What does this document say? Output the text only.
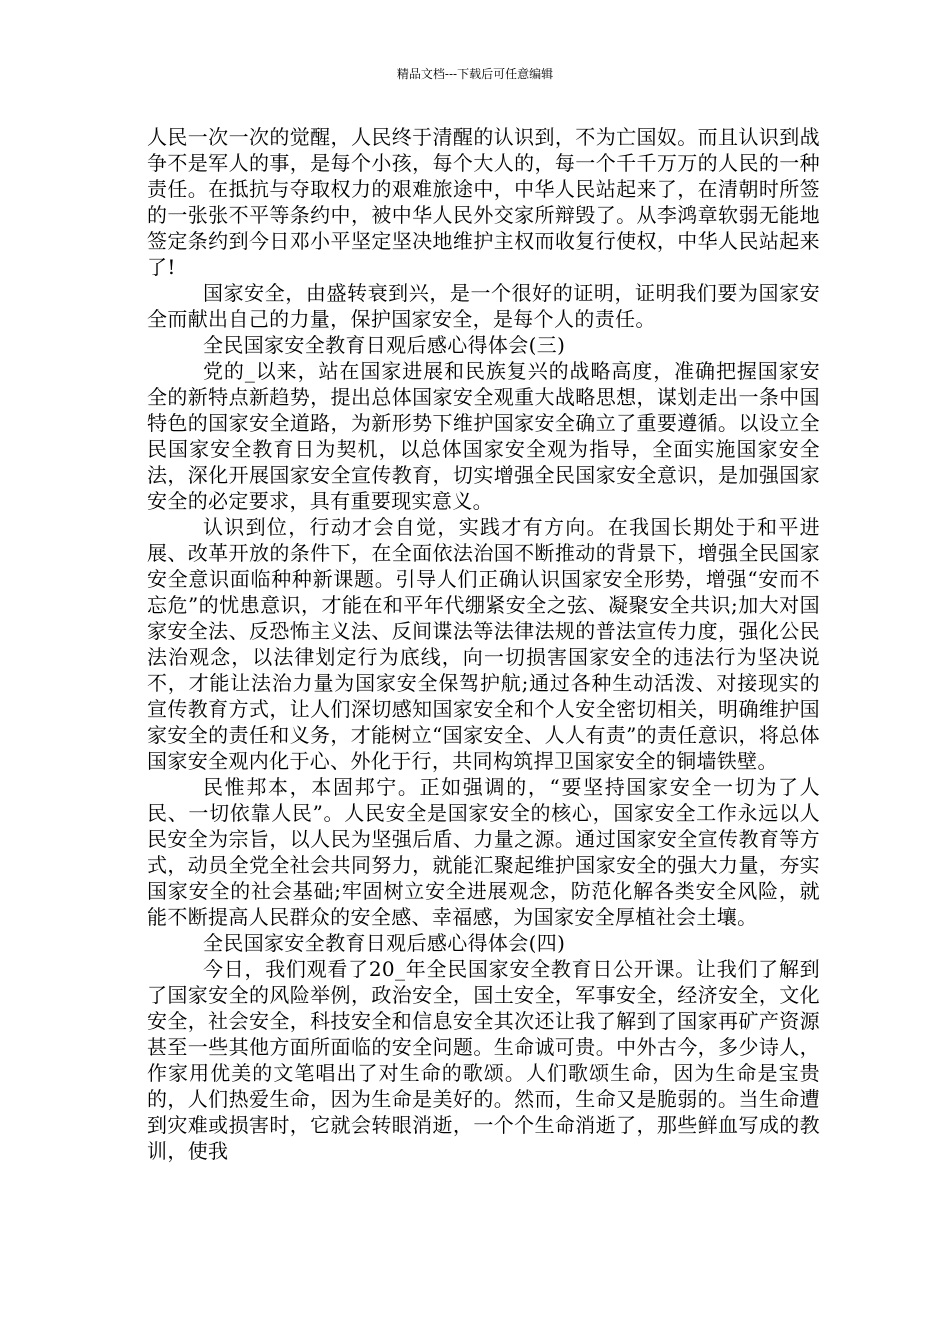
精品文档---下载后可任意编辑

人民一次一次的觉醒，人民终于清醒的认识到，不为亡国奴。而且认识到战争不是军人的事，是每个小孩，每个大人的，每一个千千万万的人民的一种责任。在抵抗与夺取权力的艰难旅途中，中华人民站起来了，在清朝时所签的一张张不平等条约中，被中华人民外交家所辩毁了。从李鸿章软弱无能地签定条约到今日邓小平坚定坚决地维护主权而收复行使权，中华人民站起来了!

国家安全，由盛转衰到兴，是一个很好的证明，证明我们要为国家安全而献出自己的力量，保护国家安全，是每个人的责任。

全民国家安全教育日观后感心得体会(三)

党的_以来，站在国家进展和民族复兴的战略高度，准确把握国家安全的新特点新趋势，提出总体国家安全观重大战略思想，谋划走出一条中国特色的国家安全道路，为新形势下维护国家安全确立了重要遵循。以设立全民国家安全教育日为契机，以总体国家安全观为指导，全面实施国家安全法，深化开展国家安全宣传教育，切实增强全民国家安全意识，是加强国家安全的必定要求，具有重要现实意义。

认识到位，行动才会自觉，实践才有方向。在我国长期处于和平进展、改革开放的条件下，在全面依法治国不断推动的背景下，增强全民国家安全意识面临种种新课题。引导人们正确认识国家安全形势，增强“安而不忘危”的忧患意识，才能在和平年代绷紧安全之弦、凝聚安全共识;加大对国家安全法、反恐怖主义法、反间谍法等法律法规的普法宣传力度，强化公民法治观念，以法律划定行为底线，向一切损害国家安全的违法行为坚决说不，才能让法治力量为国家安全保驾护航;通过各种生动活泼、对接现实的宣传教育方式，让人们深切感知国家安全和个人安全密切相关，明确维护国家安全的责任和义务，才能树立“国家安全、人人有责”的责任意识，将总体国家安全观内化于心、外化于行，共同构筑捍卫国家安全的铜墙铁壁。

民惟邦本，本固邦宁。正如强调的，“要坚持国家安全一切为了人民、一切依靠人民”。人民安全是国家安全的核心，国家安全工作永远以人民安全为宗旨，以人民为坚强后盾、力量之源。通过国家安全宣传教育等方式，动员全党全社会共同努力，就能汇聚起维护国家安全的强大力量，夯实国家安全的社会基础;牢固树立安全进展观念，防范化解各类安全风险，就能不断提高人民群众的安全感、幸福感，为国家安全厚植社会土壤。

全民国家安全教育日观后感心得体会(四)

今日，我们观看了20_年全民国家安全教育日公开课。让我们了解到了国家安全的风险举例，政治安全，国土安全，军事安全，经济安全，文化安全，社会安全，科技安全和信息安全其次还让我了解到了国家再矿产资源甚至一些其他方面所面临的安全问题。生命诚可贵。中外古今，多少诗人，作家用优美的文笔唱出了对生命的歌颂。人们歌颂生命，因为生命是宝贵的，人们热爱生命，因为生命是美好的。然而，生命又是脆弱的。当生命遭到灾难或损害时，它就会转眼消逝，一个个生命消逝了，那些鲜血写成的教训，使我
